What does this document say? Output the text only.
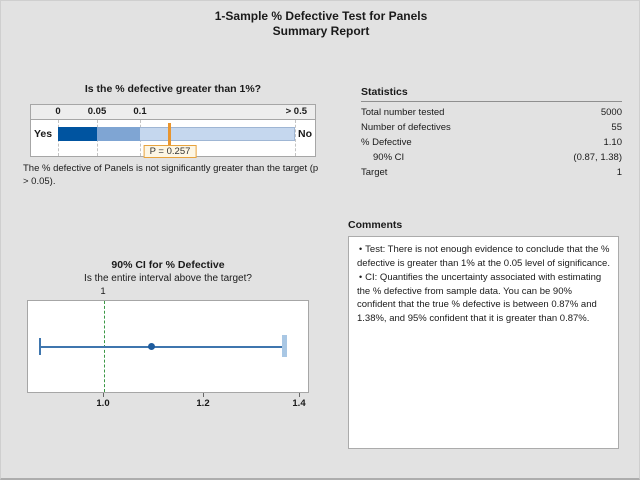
1-Sample % Defective Test for Panels
Summary Report
Is the % defective greater than 1%?
0	0.05	0.1	> 0.5
Yes	No
P = 0.257
The % defective of Panels is not significantly greater than the target (p > 0.05).
Statistics
Total number tested	5000
Number of defectives	55
% Defective	1.10
90% CI	(0.87, 1.38)
Target	1
90% CI for % Defective
Is the entire interval above the target?
1
1.0	1.2	1.4
Comments

• Test: There is not enough evidence to conclude that the % defective is greater than 1% at the 0.05 level of significance.

• CI: Quantifies the uncertainty associated with estimating the % defective from sample data. You can be 90% confident that the true % defective is between 0.87% and 1.38%, and 95% confident that it is greater than 0.87%.
